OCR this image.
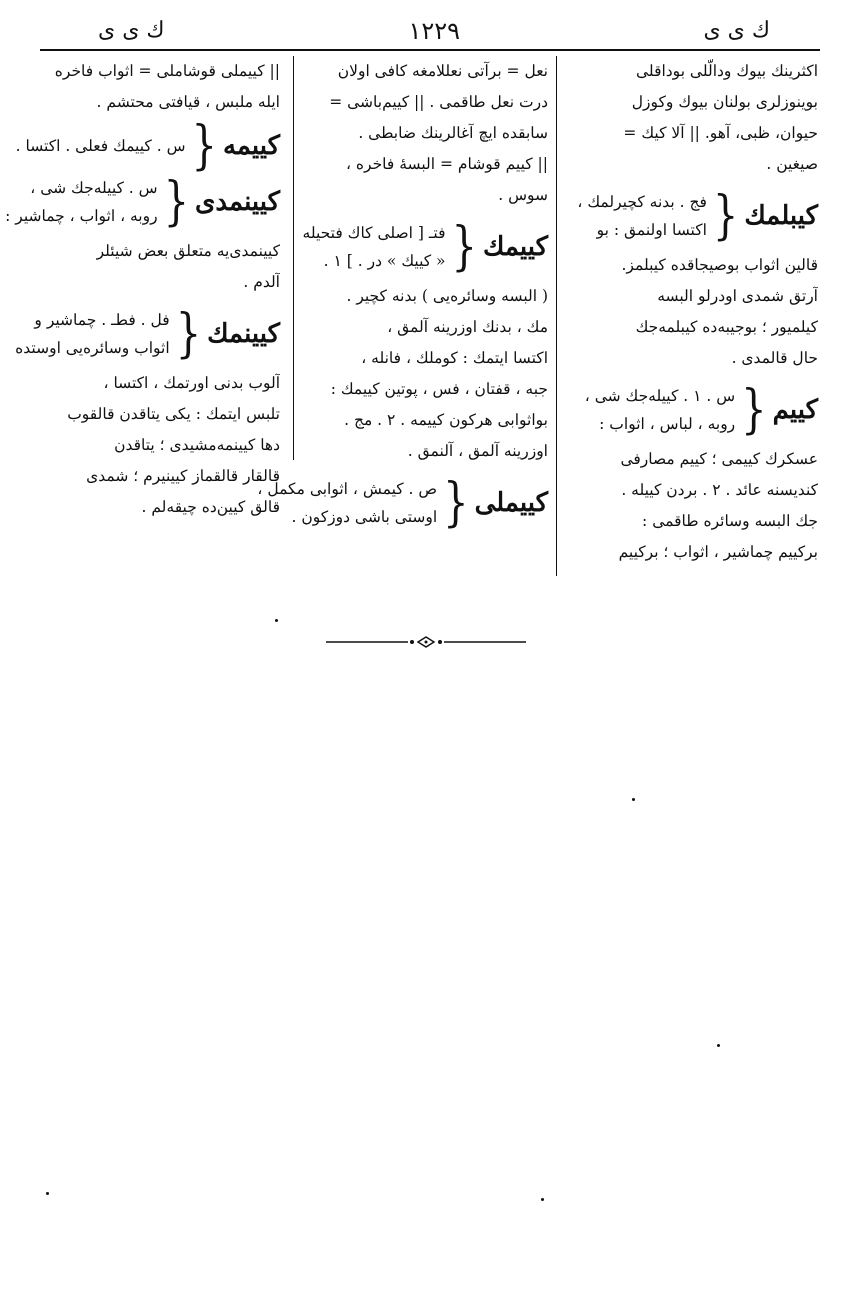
ك ى ى
١٢٢٩
ك ى ى
اكثرينك بيوك ودالّلى بوداقلى
بوينوزلرى بولنان بيوك وكوزل
حيوان، ظبى، آهو. || آلا كيك =
صيغين .
كيبلمك
{
فج . بدنه كچيرلمك ،
اكتسا اولنمق : بو
قالين اثواب بوصيجاقده كيبلمز.
آرتق شمدى اودرلو البسه
كيلميور ؛ بوجيبه‌ده كيبلمه‌جك
حال قالمدى .
كييم
{
س . ١ . كييله‌جك شى ،
روبه ، لباس ، اثواب :
عسكرك كييمى ؛ كييم مصارفى
كنديسنه عائد . ٢ . بردن كييله .
جك البسه وسائره طاقمى :
بركييم چماشير ، اثواب ؛ بركييم
نعل = برآتى نعللامغه كافى اولان
درت نعل طاقمى . || كييم‌باشى =
سابقده ايچ آغالرينك ضابطى .
|| كييم قوشام = البسهٔ فاخره ،
سوس .
كييمك
{
فتـ [ اصلى كاك فتحيله
« كييك » در . ] ١ .
( البسه وسائره‌يى ) بدنه كچير .
مك ، بدنك اوزرينه آلمق ،
اكتسا ايتمك : كوملك ، فانله ،
جبه ، قفتان ، فس ، پوتين كييمك :
بواثوابى هركون كييمه . ٢ . مج .
اوزرينه آلمق ، آلنمق .
كييملى
{
ص . كيمش ، اثوابى مكمل ،
اوستى باشى دوزكون .
|| كييملى قوشاملى = اثواب فاخره
ايله ملبس ، قيافتى محتشم .
كييمه
{
س . كييمك فعلى . اكتسا .
كيينمدى
{
س . كييله‌جك شى ،
روبه ، اثواب ، چماشير :
كيينمدى‌يه متعلق بعض شيئلر
آلدم .
كيينمك
{
فل . فطـ . چماشير و
اثواب وسائره‌يى اوستده
آلوب بدنى اورتمك ، اكتسا ،
تلبس ايتمك : يكى يتاقدن قالقوب
دها كيينمه‌مشيدى ؛ يتاقدن
قالقار قالقماز كيينيرم ؛ شمدى
قالق كيين‌ده چيقه‌لم .
